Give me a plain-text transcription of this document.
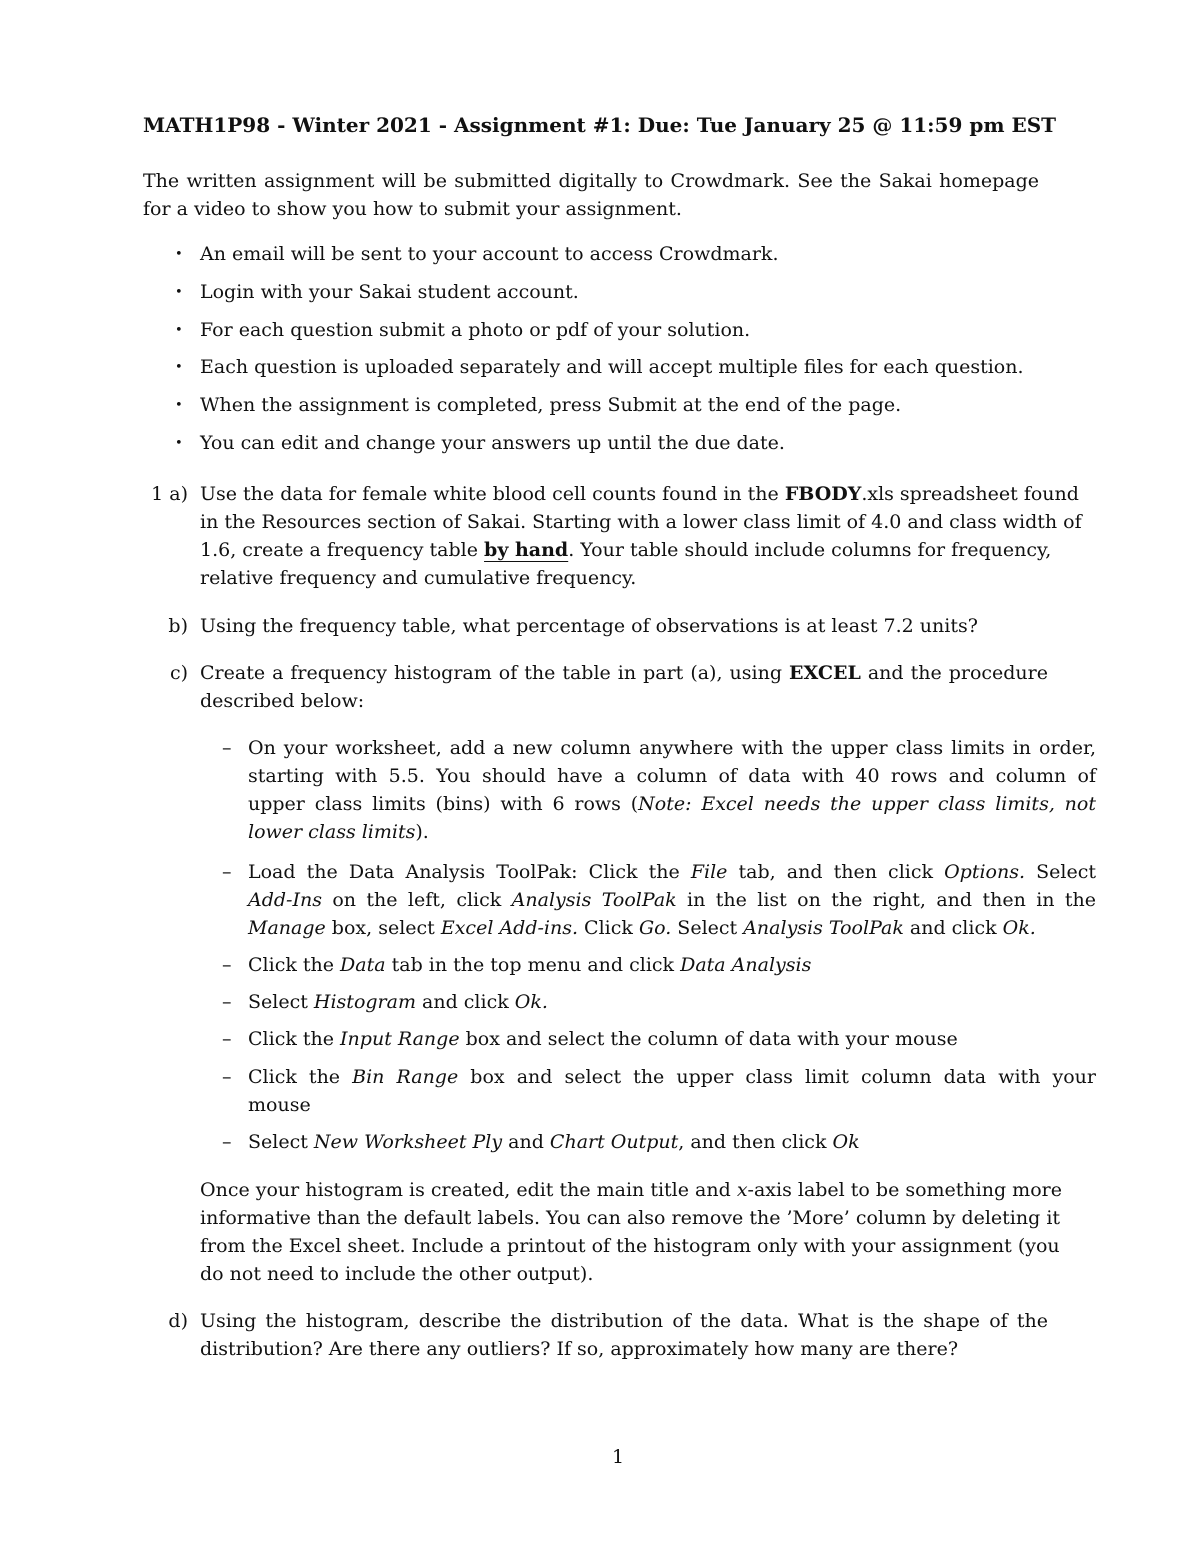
MATH1P98 - Winter 2021 - Assignment #1: Due: Tue January 25 @ 11:59 pm EST
The written assignment will be submitted digitally to Crowdmark. See the Sakai homepage
for a video to show you how to submit your assignment.
• An email will be sent to your account to access Crowdmark.
• Login with your Sakai student account.
• For each question submit a photo or pdf of your solution.
• Each question is uploaded separately and will accept multiple files for each question.
• When the assignment is completed, press Submit at the end of the page.
• You can edit and change your answers up until the due date.
1 a) Use the data for female white blood cell counts found in the FBODY.xls spreadsheet found
in the Resources section of Sakai. Starting with a lower class limit of 4.0 and class width of
1.6, create a frequency table by hand. Your table should include columns for frequency,
relative frequency and cumulative frequency.
b) Using the frequency table, what percentage of observations is at least 7.2 units?
c) Create a frequency histogram of the table in part (a), using EXCEL and the procedure
described below:
– On your worksheet, add a new column anywhere with the upper class limits in order,
starting with 5.5. You should have a column of data with 40 rows and column of
upper class limits (bins) with 6 rows (Note: Excel needs the upper class limits, not
lower class limits).
– Load the Data Analysis ToolPak: Click the File tab, and then click Options. Select
Add-Ins on the left, click Analysis ToolPak in the list on the right, and then in the
Manage box, select Excel Add-ins. Click Go. Select Analysis ToolPak and click Ok.
– Click the Data tab in the top menu and click Data Analysis
– Select Histogram and click Ok.
– Click the Input Range box and select the column of data with your mouse
– Click the Bin Range box and select the upper class limit column data with your
mouse
– Select New Worksheet Ply and Chart Output, and then click Ok
Once your histogram is created, edit the main title and x-axis label to be something more
informative than the default labels. You can also remove the ’More’ column by deleting it
from the Excel sheet. Include a printout of the histogram only with your assignment (you
do not need to include the other output).
d) Using the histogram, describe the distribution of the data. What is the shape of the
distribution? Are there any outliers? If so, approximately how many are there?
1
